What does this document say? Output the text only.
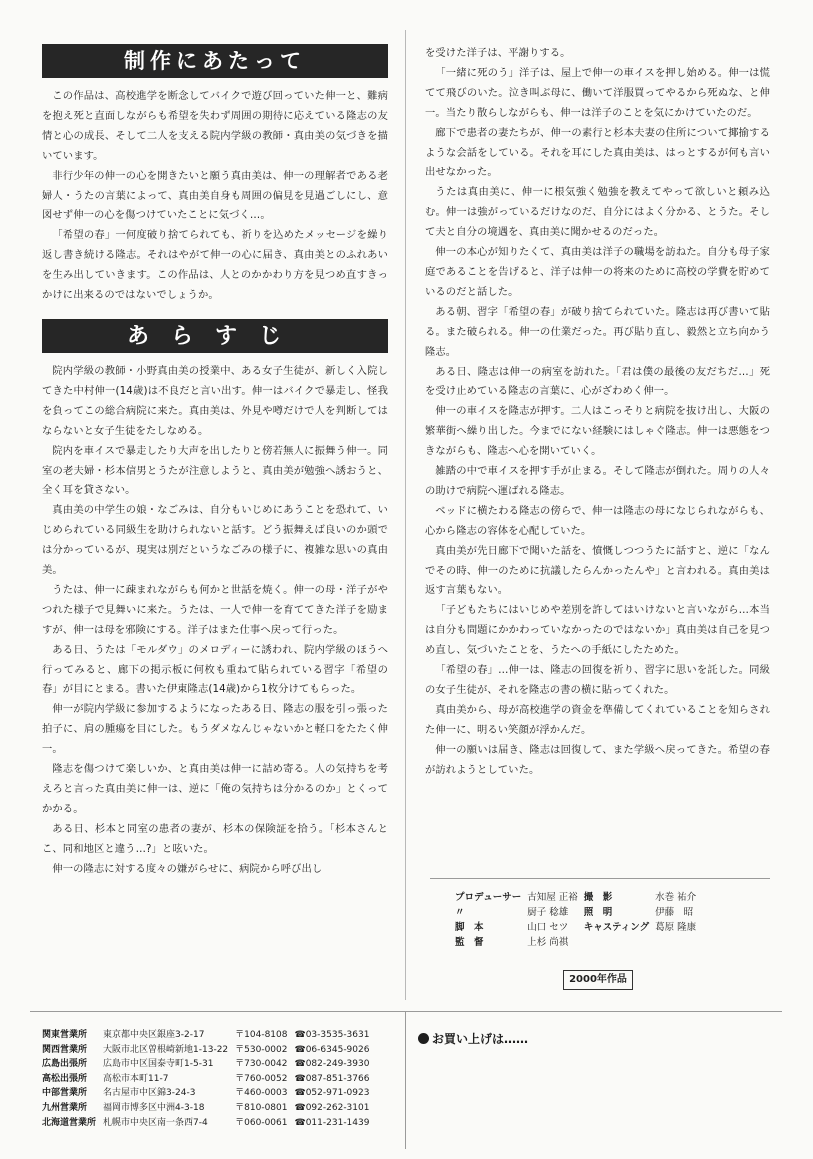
制作にあたって

この作品は、高校進学を断念してバイクで遊び回っていた伸一と、難病を抱え死と直面しながらも希望を失わず周囲の期待に応えている隆志の友情と心の成長、そして二人を支える院内学級の教師・真由美の気づきを描いています。

非行少年の伸一の心を開きたいと願う真由美は、伸一の理解者である老婦人・うたの言葉によって、真由美自身も周囲の偏見を見過ごしにし、意図せず伸一の心を傷つけていたことに気づく…。

「希望の春」一何度破り捨てられても、祈りを込めたメッセージを繰り返し書き続ける隆志。それはやがて伸一の心に届き、真由美とのふれあいを生み出していきます。この作品は、人とのかかわり方を見つめ直すきっかけに出来るのではないでしょうか。

あらすじ

院内学級の教師・小野真由美の授業中、ある女子生徒が、新しく入院してきた中村伸一(14歳)は不良だと言い出す。伸一はバイクで暴走し、怪我を負ってこの総合病院に来た。真由美は、外見や噂だけで人を判断してはならないと女子生徒をたしなめる。

院内を車イスで暴走したり大声を出したりと傍若無人に振舞う伸一。同室の老夫婦・杉本信男とうたが注意しようと、真由美が勉強へ誘おうと、全く耳を貸さない。

真由美の中学生の娘・なごみは、自分もいじめにあうことを恐れて、いじめられている同級生を助けられないと話す。どう振舞えば良いのか頭では分かっているが、現実は別だというなごみの様子に、複雑な思いの真由美。

うたは、伸一に疎まれながらも何かと世話を焼く。伸一の母・洋子がやつれた様子で見舞いに来た。うたは、一人で伸一を育ててきた洋子を励ますが、伸一は母を邪険にする。洋子はまた仕事へ戻って行った。

ある日、うたは「モルダウ」のメロディーに誘われ、院内学級のほうへ行ってみると、廊下の掲示板に何枚も重ねて貼られている習字「希望の春」が目にとまる。書いた伊東隆志(14歳)から1枚分けてもらった。

伸一が院内学級に参加するようになったある日、隆志の服を引っ張った拍子に、肩の腫瘍を目にした。もうダメなんじゃないかと軽口をたたく伸一。

隆志を傷つけて楽しいか、と真由美は伸一に詰め寄る。人の気持ちを考えろと言った真由美に伸一は、逆に「俺の気持ちは分かるのか」とくってかかる。

ある日、杉本と同室の患者の妻が、杉本の保険証を拾う。「杉本さんとこ、同和地区と違う…?」と呟いた。

伸一の隆志に対する度々の嫌がらせに、病院から呼び出し

を受けた洋子は、平謝りする。

「一緒に死のう」洋子は、屋上で伸一の車イスを押し始める。伸一は慌てて飛びのいた。泣き叫ぶ母に、働いて洋服買ってやるから死ぬな、と伸一。当たり散らしながらも、伸一は洋子のことを気にかけていたのだ。

廊下で患者の妻たちが、伸一の素行と杉本夫妻の住所について揶揄するような会話をしている。それを耳にした真由美は、はっとするが何も言い出せなかった。

うたは真由美に、伸一に根気強く勉強を教えてやって欲しいと頼み込む。伸一は強がっているだけなのだ、自分にはよく分かる、とうた。そして夫と自分の境遇を、真由美に聞かせるのだった。

伸一の本心が知りたくて、真由美は洋子の職場を訪ねた。自分も母子家庭であることを告げると、洋子は伸一の将来のために高校の学費を貯めているのだと話した。

ある朝、習字「希望の春」が破り捨てられていた。隆志は再び書いて貼る。また破られる。伸一の仕業だった。再び貼り直し、毅然と立ち向かう隆志。

ある日、隆志は伸一の病室を訪れた。「君は僕の最後の友だちだ…」死を受け止めている隆志の言葉に、心がざわめく伸一。

伸一の車イスを隆志が押す。二人はこっそりと病院を抜け出し、大阪の繁華街へ繰り出した。今までにない経験にはしゃぐ隆志。伸一は悪態をつきながらも、隆志へ心を開いていく。

雑踏の中で車イスを押す手が止まる。そして隆志が倒れた。周りの人々の助けで病院へ運ばれる隆志。

ベッドに横たわる隆志の傍らで、伸一は隆志の母になじられながらも、心から隆志の容体を心配していた。

真由美が先日廊下で聞いた話を、憤慨しつつうたに話すと、逆に「なんでその時、伸一のために抗議したらんかったんや」と言われる。真由美は返す言葉もない。

「子どもたちにはいじめや差別を許してはいけないと言いながら…本当は自分も問題にかかわっていなかったのではないか」真由美は自己を見つめ直し、気づいたことを、うたへの手紙にしたためた。

「希望の春」…伸一は、隆志の回復を祈り、習字に思いを託した。同級の女子生徒が、それを隆志の書の横に貼ってくれた。

真由美から、母が高校進学の資金を準備してくれていることを知らされた伸一に、明るい笑顔が浮かんだ。

伸一の願いは届き、隆志は回復して、また学級へ戻ってきた。希望の春が訪れようとしていた。

プロデューサー	古知屋 正裕	撮　影	水巻 祐介
〃	厨子 稔雄	照　明	伊藤　昭
脚　本	山口 セツ	キャスティング	葛原 隆康
監　督	上杉 尚祺		
2000年作品
関東営業所	東京都中央区銀座3-2-17	〒104-8108	☎03-3535-3631
関西営業所	大阪市北区曽根崎新地1-13-22	〒530-0002	☎06-6345-9026
広島出張所	広島市中区国泰寺町1-5-31	〒730-0042	☎082-249-3930
高松出張所	高松市本町11-7	〒760-0052	☎087-851-3766
中部営業所	名古屋市中区錦3-24-3	〒460-0003	☎052-971-0923
九州営業所	福岡市博多区中洲4-3-18	〒810-0801	☎092-262-3101
北海道営業所	札幌市中央区南一条西7-4	〒060-0061	☎011-231-1439
お買い上げは……
